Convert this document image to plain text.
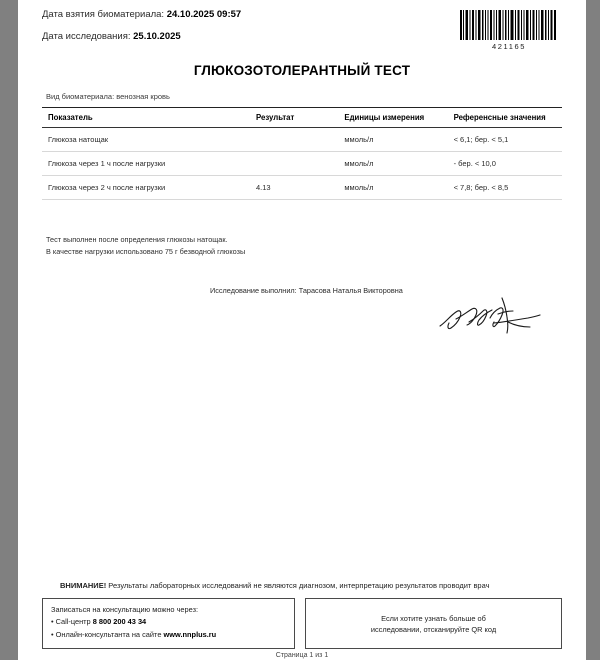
Дата взятия биоматериала: 24.10.2025 09:57
Дата исследования: 25.10.2025
421165
ГЛЮКОЗОТОЛЕРАНТНЫЙ ТЕСТ
Вид биоматериала: венозная кровь
Показатель	Результат	Единицы измерения	Референсные значения
Глюкоза натощак		ммоль/л	< 6,1; бер. < 5,1
Глюкоза через 1 ч после нагрузки		ммоль/л	- бер. < 10,0
Глюкоза через 2 ч после нагрузки	4.13	ммоль/л	< 7,8; бер. < 8,5
Тест выполнен после определения глюкозы натощак.
В качестве нагрузки использовано 75 г безводной глюкозы
Исследование выполнил: Тарасова Наталья Викторовна
ВНИМАНИЕ! Результаты лабораторных исследований не являются диагнозом, интерпретацию результатов проводит врач
Записаться на консультацию можно через:
• Call-центр 8 800 200 43 34
• Онлайн-консультанта на сайте www.nnplus.ru
Если хотите узнать больше об
исследовании, отсканируйте QR код
Страница 1 из 1
